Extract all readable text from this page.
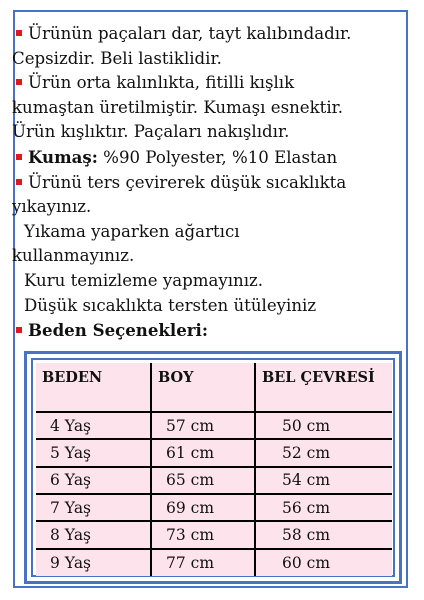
Ürünün paçaları dar, tayt kalıbındadır.
Cepsizdir. Beli lastiklidir.
Ürün orta kalınlıkta, fitilli kışlık
kumaştan üretilmiştir. Kumaşı esnektir.
Ürün kışlıktır. Paçaları nakışlıdır.
Kumaş: %90 Polyester, %10 Elastan
Ürünü ters çevirerek düşük sıcaklıkta
yıkayınız.
Yıkama yaparken ağartıcı
kullanmayınız.
Kuru temizleme yapmayınız.
Düşük sıcaklıkta tersten ütüleyiniz
Beden Seçenekleri:
BEDEN	BOY	BEL ÇEVRESİ
4 Yaş	57 cm	50 cm
5 Yaş	61 cm	52 cm
6 Yaş	65 cm	54 cm
7 Yaş	69 cm	56 cm
8 Yaş	73 cm	58 cm
9 Yaş	77 cm	60 cm
